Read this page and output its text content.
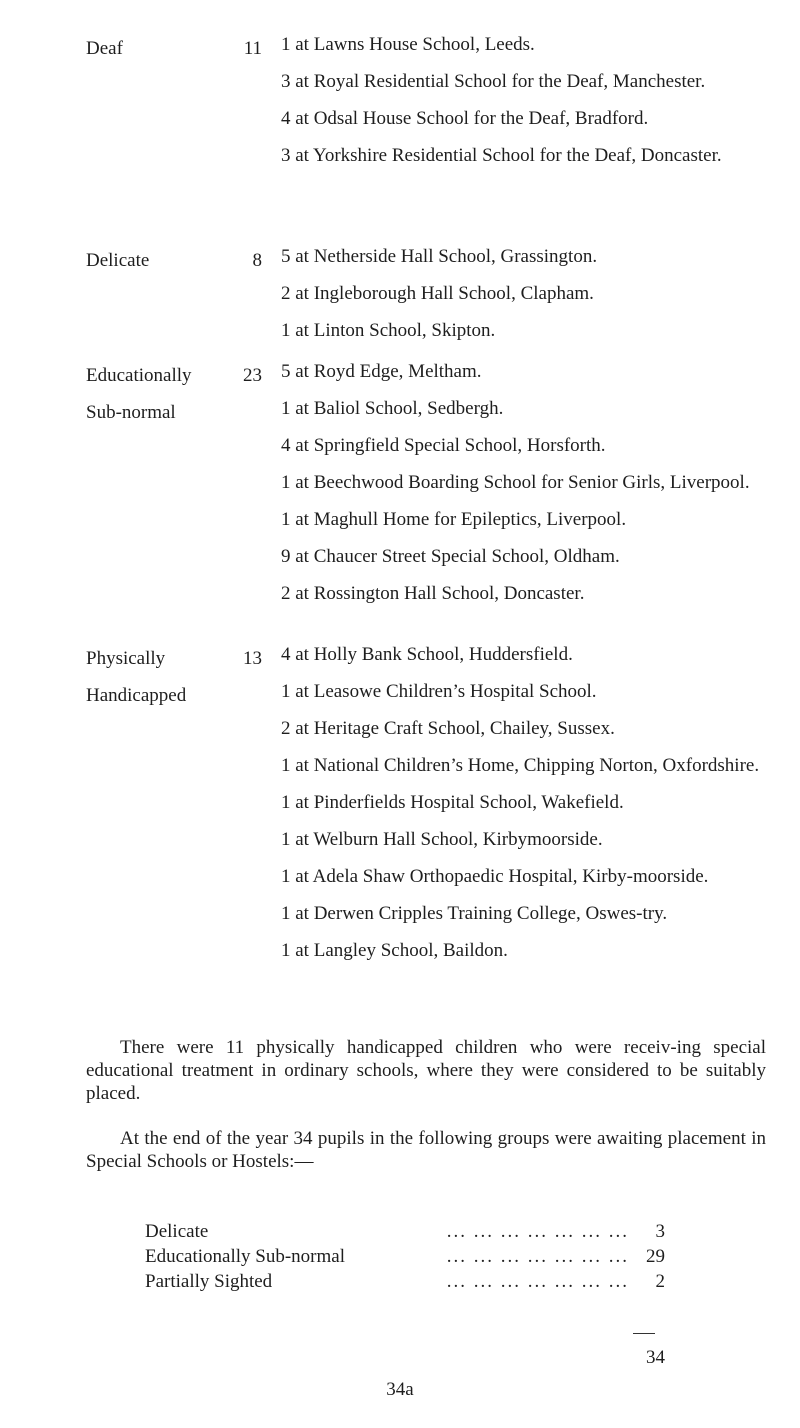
Deaf	11 1 at Lawns House School, Leeds.

3 at Royal Residential School for the Deaf, Manchester.

4 at Odsal House School for the Deaf, Bradford.

3 at Yorkshire Residential School for the Deaf, Doncaster.

Delicate	8 5 at Netherside Hall School, Grassington.

2 at Ingleborough Hall School, Clapham.

1 at Linton School, Skipton.

Educationally
Sub-normal
23 5 at Royd Edge, Meltham.

1 at Baliol School, Sedbergh.

4 at Springfield Special School, Horsforth.

1 at Beechwood Boarding School for Senior Girls, Liverpool.

1 at Maghull Home for Epileptics, Liverpool.

9 at Chaucer Street Special School, Oldham.

2 at Rossington Hall School, Doncaster.

Physically
Handicapped
13 4 at Holly Bank School, Huddersfield.

1 at Leasowe Children’s Hospital School.

2 at Heritage Craft School, Chailey, Sussex.

1 at National Children’s Home, Chipping Norton, Oxfordshire.

1 at Pinderfields Hospital School, Wakefield.

1 at Welburn Hall School, Kirbymoorside.

1 at Adela Shaw Orthopaedic Hospital, Kirby-moorside.

1 at Derwen Cripples Training College, Oswes-try.

1 at Langley School, Baildon.

There were 11 physically handicapped children who were receiv-ing special educational treatment in ordinary schools, where they were considered to be suitably placed.

At the end of the year 34 pupils in the following groups were awaiting placement in Special Schools or Hostels:—

... ... ... ... ... ... ...
Delicate	3
... ... ... ... ... ... ...
Educationally Sub-normal	29
... ... ... ... ... ... ...
Partially Sighted	2
34
34a
